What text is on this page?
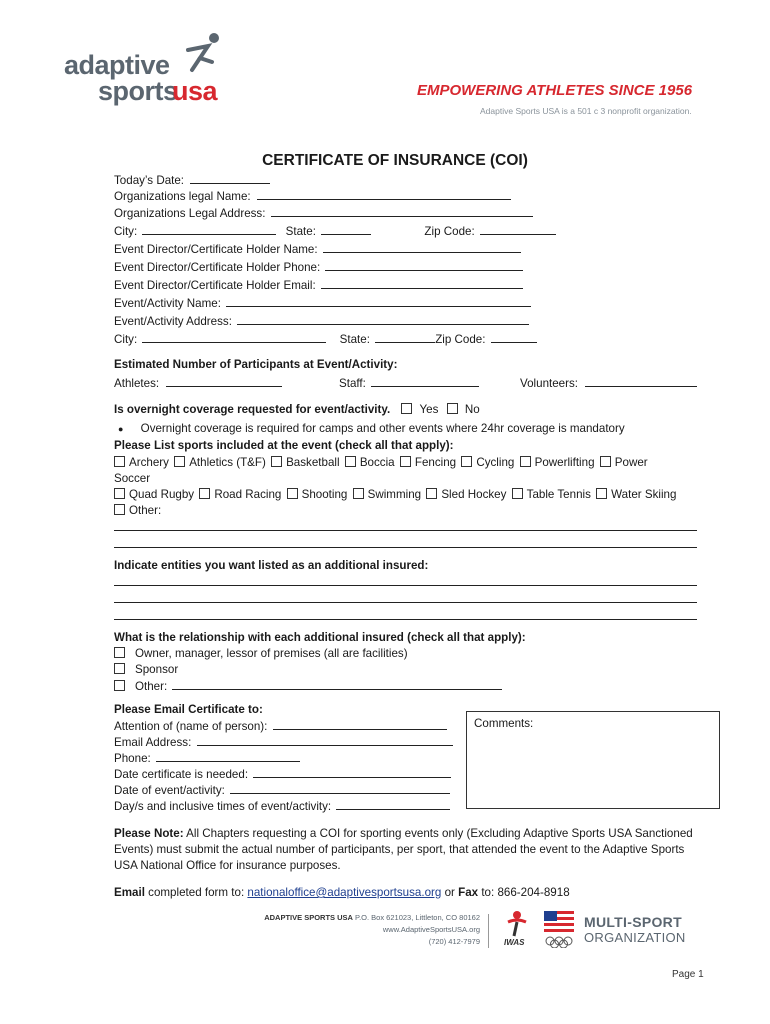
adaptive
sports
usa	EMPOWERING ATHLETES SINCE 1956
Adaptive Sports USA is a 501 c 3 nonprofit organization.
CERTIFICATE OF INSURANCE (COI)
Today’s Date:
Organizations legal Name:
Organizations Legal Address:
City:	State:	Zip Code:
Event Director/Certificate Holder Name:
Event Director/Certificate Holder Phone:
Event Director/Certificate Holder Email:
Event/Activity Name:
Event/Activity Address:
City:	State:	Zip Code:
Estimated Number of Participants at Event/Activity:
Athletes:	Staff:	Volunteers:
Is overnight coverage requested for event/activity.	Yes No
● Overnight coverage is required for camps and other events where 24hr coverage is mandatory
Please List sports included at the event (check all that apply):
Archery Athletics (T&F) Basketball Boccia Fencing Cycling Powerlifting Power
Soccer
Quad Rugby Road Racing Shooting Swimming Sled Hockey Table Tennis Water Skiing
Other:
Indicate entities you want listed as an additional insured:
What is the relationship with each additional insured (check all that apply):
Owner, manager, lessor of premises (all are facilities)
Sponsor
Other:
Please Email Certificate to:
Attention of (name of person):
Email Address:
Phone:
Date certificate is needed:
Date of event/activity:
Day/s and inclusive times of event/activity:
Comments:
Please Note: All Chapters requesting a COI for sporting events only (Excluding Adaptive Sports USA Sanctioned
Events) must submit the actual number of participants, per sport, that attended the event to the Adaptive Sports
USA National Office for insurance purposes.
Email completed form to: nationaloffice@adaptivesportsusa.org or Fax to: 866-204-8918
ADAPTIVE SPORTS USA P.O. Box 621023, Littleton, CO 80162
www.AdaptiveSportsUSA.org
(720) 412-7979	IWAS
MULTI-SPORT
ORGANIZATION
Page 1
